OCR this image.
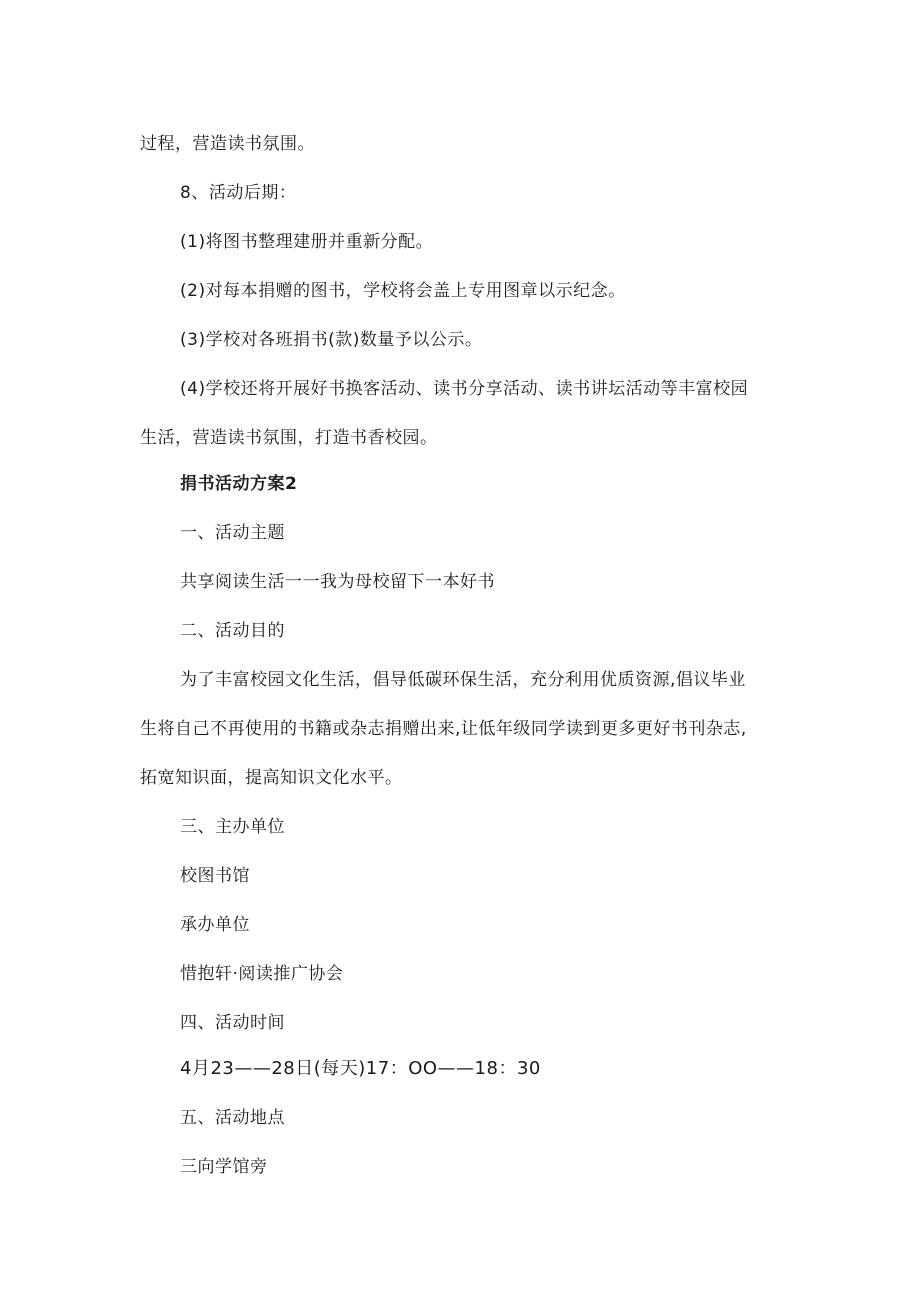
过程，营造读书氛围。
8、活动后期：
(1)将图书整理建册并重新分配。
(2)对每本捐赠的图书，学校将会盖上专用图章以示纪念。
(3)学校对各班捐书(款)数量予以公示。
(4)学校还将开展好书换客活动、读书分享活动、读书讲坛活动等丰富校园
生活，营造读书氛围，打造书香校园。
捐书活动方案2
一、活动主题
共享阅读生活一一我为母校留下一本好书
二、活动目的
为了丰富校园文化生活，倡导低碳环保生活，充分利用优质资源,倡议毕业
生将自己不再使用的书籍或杂志捐赠出来,让低年级同学读到更多更好书刊杂志,
拓宽知识面，提高知识文化水平。
三、主办单位
校图书馆
承办单位
惜抱轩·阅读推广协会
四、活动时间
4月23——28日(每天)17：OO——18：30
五、活动地点
三向学馆旁
